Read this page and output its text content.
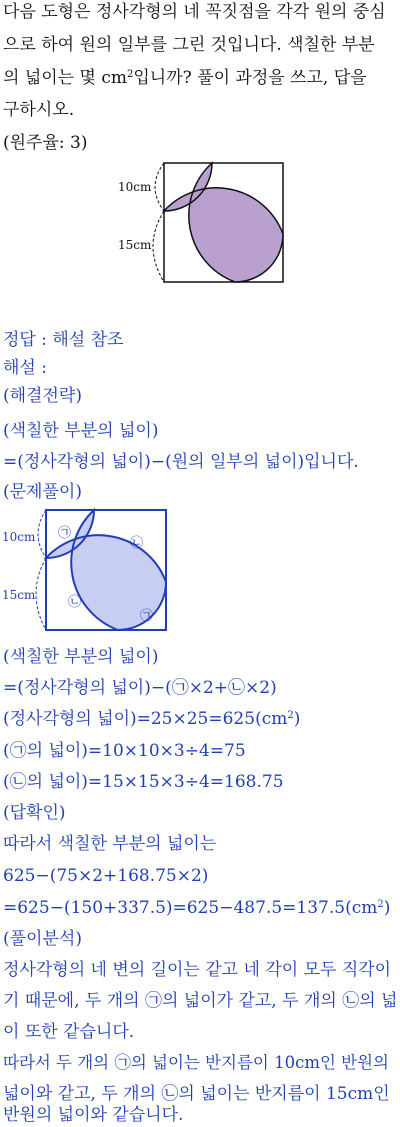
다음 도형은 정사각형의 네 꼭짓점을 각각 원의 중심
으로 하여 원의 일부를 그린 것입니다. 색칠한 부분
의 넓이는 몇 $cm^2$입니까? 풀이 과정을 쓰고, 답을
구하시오.
(원주율: 3)
10cm
15cm
정답 : 해설 참조
해설 :
(해결전략)
(색칠한 부분의 넓이)
=(정사각형의 넓이)−(원의 일부의 넓이)입니다.
(문제풀이)
10cm
15cm
㉠
㉡
㉡
㉠
(색칠한 부분의 넓이)
=(정사각형의 넓이)−(㉠×2+㉡×2)
(정사각형의 넓이)$=25\times 25=625(cm^2)$
(㉠의 넓이)=10×10×3÷4=75
(㉡의 넓이)=15×15×3÷4=168.75
(답확인)
따라서 색칠한 부분의 넓이는
625−(75×2+168.75×2)
$=625-(150+337.5)=625-487.5=137.5(cm^2)$
(풀이분석)
정사각형의 네 변의 길이는 같고 네 각이 모두 직각이
기 때문에, 두 개의 ㉠의 넓이가 같고, 두 개의 ㉡의 넓
이 또한 같습니다.
따라서 두 개의 ㉠의 넓이는 반지름이 10cm인 반원의
넓이와 같고, 두 개의 ㉡의 넓이는 반지름이 15cm인
반원의 넓이와 같습니다.
